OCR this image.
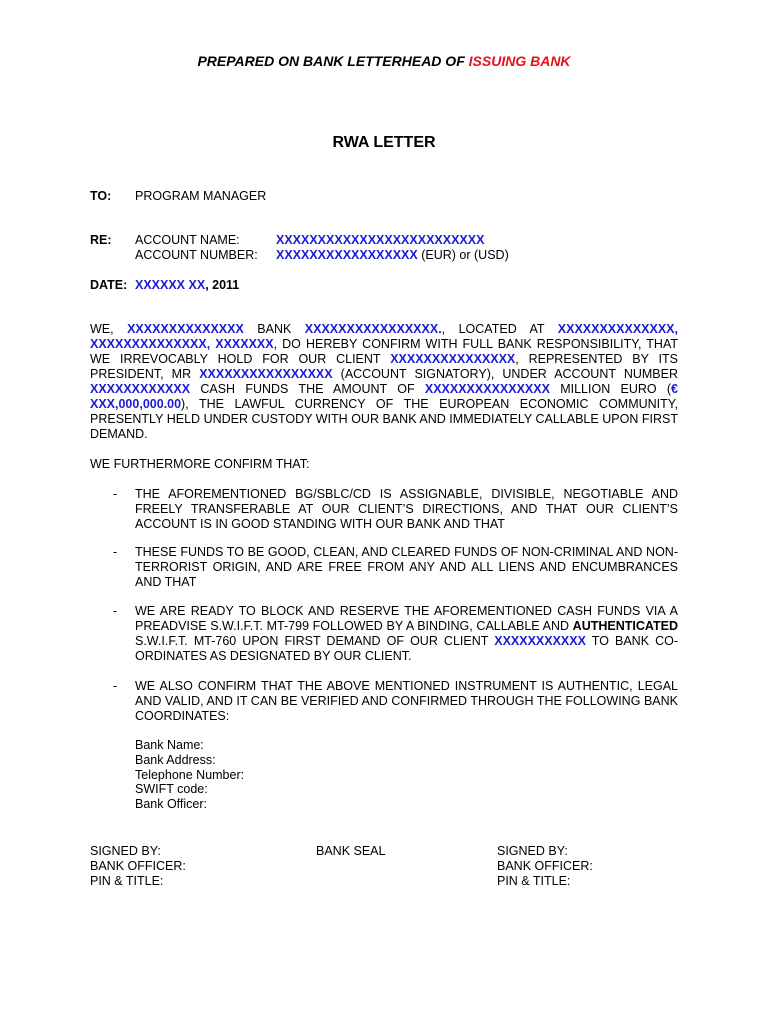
PREPARED ON BANK LETTERHEAD OF ISSUING BANK
RWA LETTER
TO: PROGRAM MANAGER
RE: ACCOUNT NAME:	XXXXXXXXXXXXXXXXXXXXXXXXX
ACCOUNT NUMBER: XXXXXXXXXXXXXXXXX (EUR) or (USD)
DATE: XXXXXX XX, 2011
WE, XXXXXXXXXXXXXX BANK XXXXXXXXXXXXXXXX., LOCATED AT XXXXXXXXXXXXXX, XXXXXXXXXXXXXX, XXXXXXX, DO HEREBY CONFIRM WITH FULL BANK RESPONSIBILITY, THAT WE IRREVOCABLY HOLD FOR OUR CLIENT XXXXXXXXXXXXXXX, REPRESENTED BY ITS PRESIDENT, MR XXXXXXXXXXXXXXXX (ACCOUNT SIGNATORY), UNDER ACCOUNT NUMBER XXXXXXXXXXXX CASH FUNDS THE AMOUNT OF XXXXXXXXXXXXXXX MILLION EURO (€ XXX,000,000.00), THE LAWFUL CURRENCY OF THE EUROPEAN ECONOMIC COMMUNITY, PRESENTLY HELD UNDER CUSTODY WITH OUR BANK AND IMMEDIATELY CALLABLE UPON FIRST DEMAND.
WE FURTHERMORE CONFIRM THAT:
- THE AFOREMENTIONED BG/SBLC/CD IS ASSIGNABLE, DIVISIBLE, NEGOTIABLE AND FREELY TRANSFERABLE AT OUR CLIENT’S DIRECTIONS, AND THAT OUR CLIENT’S ACCOUNT IS IN GOOD STANDING WITH OUR BANK AND THAT
- THESE FUNDS TO BE GOOD, CLEAN, AND CLEARED FUNDS OF NON-CRIMINAL AND NON-TERRORIST ORIGIN, AND ARE FREE FROM ANY AND ALL LIENS AND ENCUMBRANCES AND THAT
- WE ARE READY TO BLOCK AND RESERVE THE AFOREMENTIONED CASH FUNDS VIA A PREADVISE S.W.I.F.T. MT-799 FOLLOWED BY A BINDING, CALLABLE AND AUTHENTICATED S.W.I.F.T. MT-760 UPON FIRST DEMAND OF OUR CLIENT XXXXXXXXXXX TO BANK CO-ORDINATES AS DESIGNATED BY OUR CLIENT.
- WE ALSO CONFIRM THAT THE ABOVE MENTIONED INSTRUMENT IS AUTHENTIC, LEGAL AND VALID, AND IT CAN BE VERIFIED AND CONFIRMED THROUGH THE FOLLOWING BANK COORDINATES:
Bank Name:
Bank Address:
Telephone Number:
SWIFT code:
Bank Officer:
SIGNED BY:
BANK OFFICER:
PIN & TITLE:
BANK SEAL	SIGNED BY:
BANK OFFICER:
PIN & TITLE:
